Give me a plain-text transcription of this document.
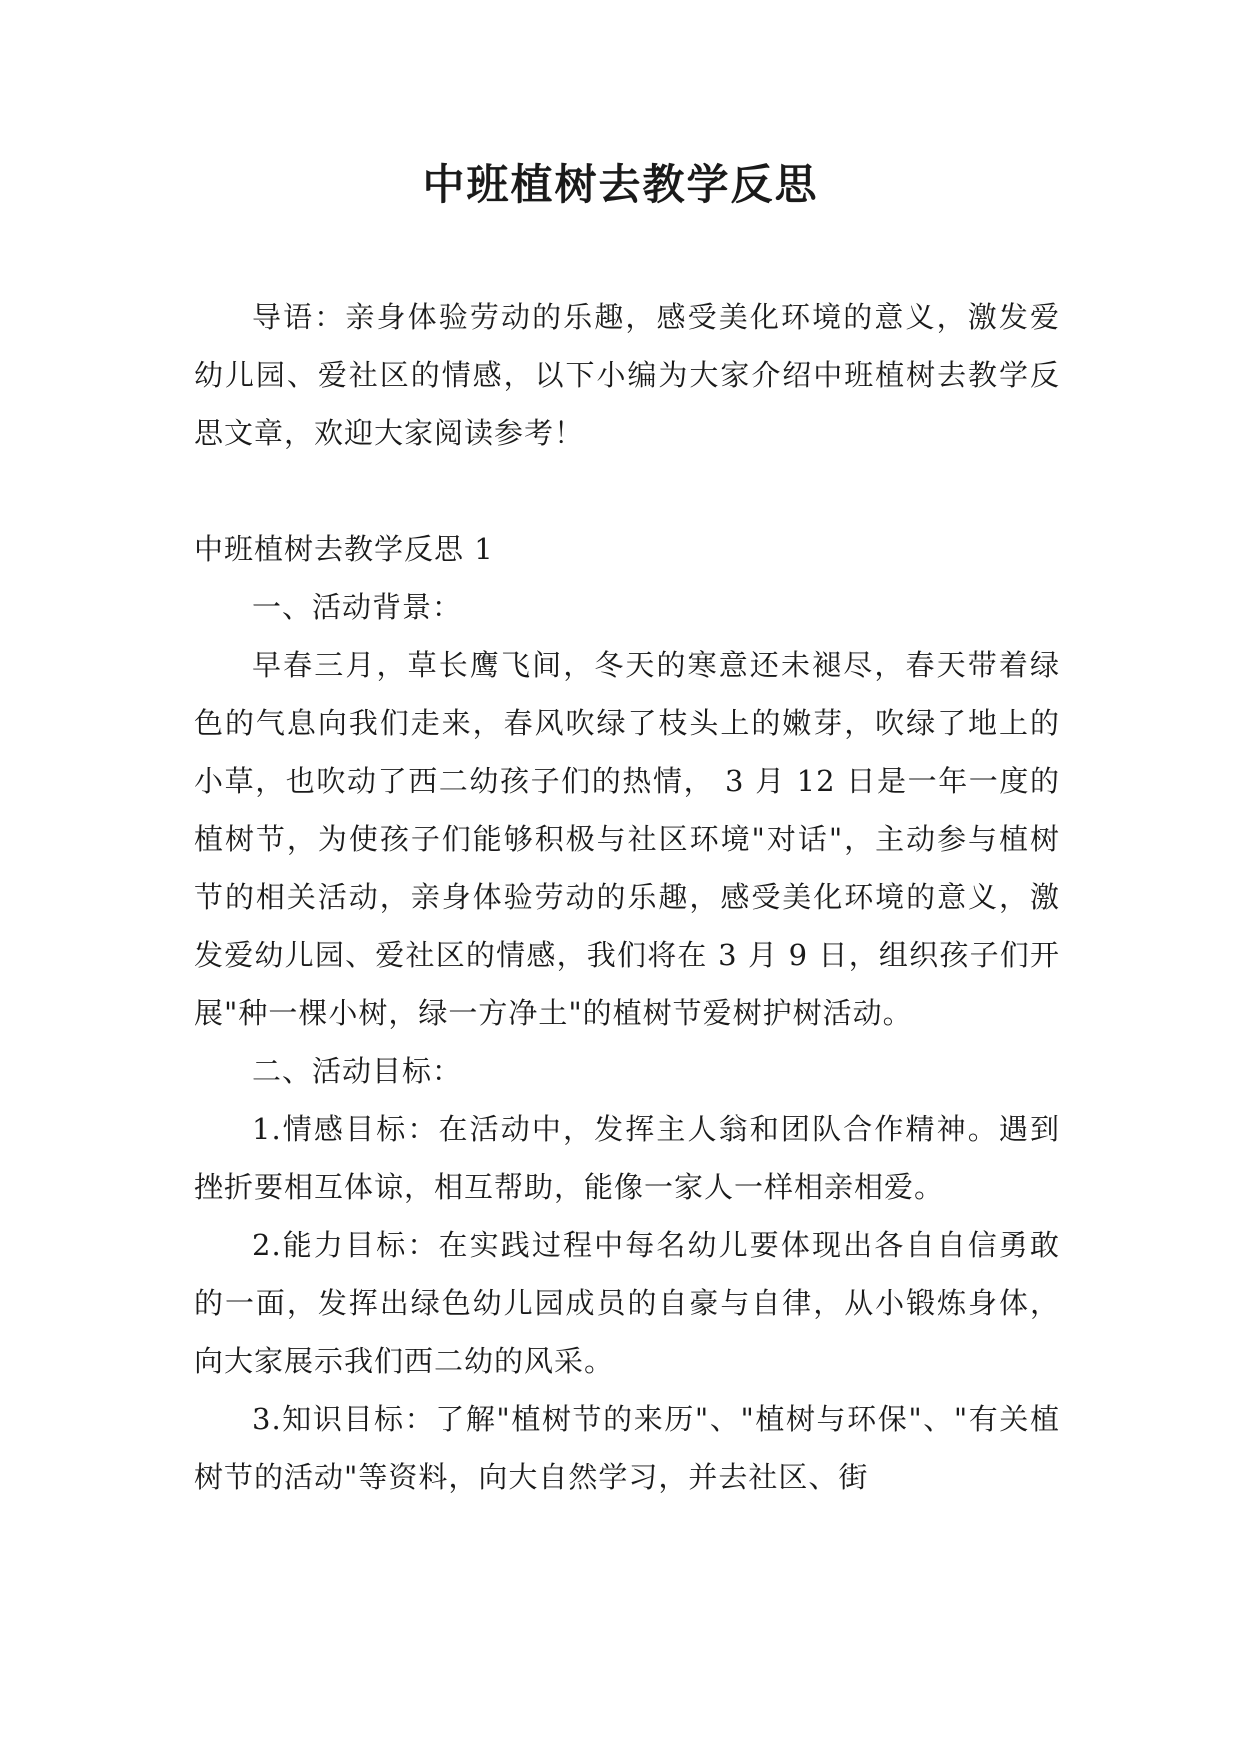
中班植树去教学反思

导语：亲身体验劳动的乐趣，感受美化环境的意义，激发爱幼儿园、爱社区的情感，以下小编为大家介绍中班植树去教学反思文章，欢迎大家阅读参考！

中班植树去教学反思 1

一、活动背景：

早春三月，草长鹰飞间，冬天的寒意还未褪尽，春天带着绿色的气息向我们走来，春风吹绿了枝头上的嫩芽，吹绿了地上的小草，也吹动了西二幼孩子们的热情， 3 月 12 日是一年一度的植树节，为使孩子们能够积极与社区环境"对话"，主动参与植树节的相关活动，亲身体验劳动的乐趣，感受美化环境的意义，激发爱幼儿园、爱社区的情感，我们将在 3 月 9 日，组织孩子们开展"种一棵小树，绿一方净土"的植树节爱树护树活动。

二、活动目标：

1.情感目标：在活动中，发挥主人翁和团队合作精神。遇到挫折要相互体谅，相互帮助，能像一家人一样相亲相爱。

2.能力目标：在实践过程中每名幼儿要体现出各自自信勇敢的一面，发挥出绿色幼儿园成员的自豪与自律，从小锻炼身体，向大家展示我们西二幼的风采。

3.知识目标：了解"植树节的来历"、"植树与环保"、"有关植树节的活动"等资料，向大自然学习，并去社区、街
